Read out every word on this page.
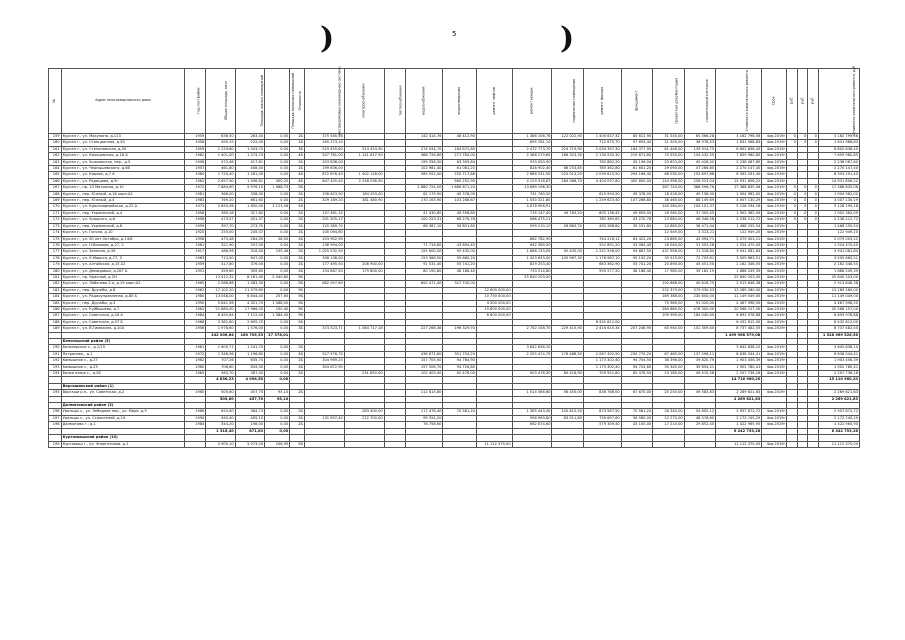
)	5	)
№	Адрес многоквартирного дома	Год постройки	Общая площадь, кв.м	Площадь жилых помещений	Площадь нежилых помещений	Этажность	внутридомовые инженерные системы	электроснабжения	теплоснабжения	водоснабжения	водоотведения	ремонт лифтов	ремонт крыши	подвальные помещения	ремонт фасада	фундамент	проектная документация	строительный контроль	Стоимость капитального ремонта	Срок	руб	руб	руб	Стоимость капитального ремонта, руб
159	Курган г., ул. Макунина, д.113	1959	636,50	263,40	0,00	2Б	375 585,46			142 414,76	48 412,90		1 386 106,76	122 022,90	1 400 637,32	85 612,90	31 545,00	65 366,28	3 162 798,56	4кв.2019г	0	0	0	3 162 799,56
160	Курган г., ул. Станционная, д.50	1958	490,15	222,00	0,00	2Б	165 273,10						895 761,10		712 675,70	57 693,40	21 505,00	38 978,53	1 631 968,83	4кв.2019г	0	0	0	1 631 968,83
161	Курган г., ул. Степановская, д.34	1959	1 229,60	1 043,70	0,00	3Б	529 455,60	514 453,90		274 044,70	184 872,80		2 472 773,70	224 719,90	2 034 397,30	164 377,90	61 446,00	139 914,75	6 602 636,45	4кв.2019г				6 602 636,45
162	Курган г., ул. Кольцевская, д.18 А	1962	1 401,00	1 274,70	0,00	4Б	547 761,00	1 141 617,90		466 726,80	271 784,00		2 368 279,60	186 323,30	2 130 935,30	219 871,80	70 550,00	154 432,55	7 659 980,85	4кв.2019г				7 659 980,85
163	Курган г., ул. Ушаковская, пер., д.5	1956	472,46	417,81	0,00	2Б	203 638,00			199 358,30	63 305,84		933 050,90		782 882,20	45 196,04	23 623,00	45 426,00	2 238 087,60	4кв.2019г				2 238 087,60
164	Курган г., ул. Чернышевского, д.66	1957	461,80	408,40	0,00	2Б	199 636,00			102 981,40	61 081,20		828 902,40	86 253,85	785 362,80	61 641,20	29 090,00	47 266,80	2 270 147,40	4кв.2019г				2 270 147,40
165	Курган г., ул. Кирова, д.7 А	1960	1 720,40	1 281,39	0,00	4Б	672 676,40	1 402 128,00		569 052,40	220 717,68		2 868 531,50	225 013,20	2 039 610,50	294 166,40	68 030,00	152 697,88	8 393 291,40	4кв.2019г				8 393 291,40
166	Курган г., ул. Радищева, д.5г	1962	2 657,90	1 498,81	300,20	4Б	847 405,40	2 258 036,90			565 252,90		4 129 316,67	284 068,70	4 404 097,80	400 800,00	144 996,00	256 523,04	14 931 806,22	4кв.2019г				14 931 806,22
167	Курган г., пр. 10 Матросов, д.10	1972	7 884,60	5 976,10	1 988,70	5Б				2 880 724,50	1 686 671,20		13 669 196,30				267 743,00	368 596,76	17 368 835,06	4кв.2019г	0	0	0	17 368 835,06
168	Курган г., пер. Южный, д.16 корп.А2	1981	368,00	338,00	0,00	2Б	158 623,50	184 293,00		62 175,90	40 378,00		741 760,50		610 994,50	49 378,00	18 426,00	49 158,00	1 904 982,00	4кв.2019г	0	0	0	1 904 982,00
169	Курган г., пер. Южный, д.4	1983	769,20	661,60	0,00	2Б	329 169,20	381 480,90		170 163,90	103 288,67		1 530 321,80		1 259 623,40	107 286,80	38 460,00	88 149,69	4 007 130,29	4кв.2019г	0	0	0	4 007 130,29
170	Курган г., ул. Красноармейская, д.22 А	1973	2 855,56	1 850,00	1 123,56	5Б							4 878 908,91				145 284,00	104 101,37	5 128 294,18	4кв.2019г	0	0	0	5 128 294,18
171	Курган г., пер. Украинский, д.4	1958	360,28	317,80	0,00	2Б	157 481,32			41 430,60	49 598,80		735 147,40	49 783,20	605 136,45	49 659,00	18 960,00	37 300,45	1 902 362,09	4кв.2019г	0	0	0	1 902 362,09
172	Курган г., ул. Урицкого, д.6	1958	473,57	451,37	0,00	2Б	201 505,27			100 253,31	66 276,78		986 475,21		782 365,65	43 270,76	23 664,00	46 346,58	2 236 212,72	4кв.2019г	0	0	0	2 236 212,72
173	Курган г., пер. Украинский, д.8	1959	397,70	273,70	0,00	2Б	125 389,70			66 387,10	39 851,80		599 210,10	56 663,70	495 288,60	39 531,80	14 885,00	36 471,44	1 468 255,54	4кв.2019г				1 468 255,54
174	Курган г., ул. Гоголя, д.10	1920	255,00	245,37	0,00	2Б	100 094,60										12 549,00	3 313,21	122 949,20	4кв.2019г				122 949,20
175	Курган г., ул. 50 лет Октября, д.14/6	1958	473,48	264,00	28,50	2Б	203 902,90						862 782,90		744 216,12	63 422,20	23 665,00	42 994,71	2 079 003,21	4кв.2019г				2 079 003,21
176	Курган г., ул. Н.Волкова, д.27, 2	1961	321,90	297,00	0,00	2Б	138 994,00			71 716,80	43 894,40		642 380,50		552 891,20	43 084,40	16 040,00	31 503,26	1 524 470,45	4кв.2019г				1 524 470,45
177	Курган г., ул. Зеленая, д.39	1917	486,56	316,40	155,46	2Б	1 025 532,50			155 600,00	92 435,00		1 668 133,00	92 435,00	1 251 556,00	94 687,50	437 956,00	71 316,84	3 941 081,84	4кв.2019г				3 941 081,84
178	Курган г., ул. К.Маркса, д.77, 3	1963	713,50	647,00	0,00	2Б	306 138,50			153 366,50	95 660,20		1 423 633,00	105 967,30	1 176 987,10	95 152,20	35 515,00	72 703,61	3 505 663,51	4кв.2019г				3 505 663,51
179	Курган г., ул. Алтайская, д.15 А2	1959	417,80	376,00	0,00	2Б	177 495,50	208 900,00		91 531,40	55 741,20		829 253,40		683 362,90	55 741,20	20 890,00	45 451,50	2 162 346,55	4кв.2019г				2 162 346,55
180	Курган г., ул. Демидовых, д.267 А	1951	359,60	359,60	0,00	2Б	154 867,50	179 800,00		80 190,80	48 186,40		733 514,80		595 577,20	48 186,40	17 980,00	39 182,19	1 888 249,39	4кв.2019г				1 888 249,39
181	Курган г., пр. Красный, д.2Н		12 412,32	8 161,40	2 440,80	9Б							25 840 203,00						25 840 203,00	4кв.2019г				25 840 203,00
182	Курган г., ул. Лобачева 2-я, д.19 корп.А2	1965	2 068,86	1 483,30	0,00	5Б	682 957,60			600 471,40	327 740,00						192 666,00	40 616,75	2 913 648,38	4кв.2019г				2 913 648,38
183	Курган г., пер. Дружбы, д.8	1962	17 102,20	11 579,60	0,00	9Б						12 600 000,00					222 379,00	379 030,53	13 289 280,00	4кв.2019г				13 289 280,00
184	Курган г., ул. Радиоуправленая, д.80 Б	1980	13 048,00	6 644,40	257,60	9Б						10 750 000,00					189 368,00	230 600,00	11 149 049,00	4кв.2019г				11 149 049,00
185	Курган г., пер. Дружбы, д.3	1990	5 841,56	4 321,70	1 068,00	9Б						4 300 000,00					75 989,00	91 020,00	4 467 998,50	4кв.2019г				4 467 998,50
186	Курган г., ул. Куйбышева, д.7	1962	21 880,00	17 966,00	100,40	9Б						19 800 000,00					284 660,00	478 300,00	20 568 157,00	4кв.2019г				20 568 157,00
187	Курган г., ул. Советская, д.16 А	1984	8 455,64	7 112,40	1 384,40	9Б						6 600 000,00					109 990,00	184 040,00	6 893 978,88	4кв.2019г				6 893 978,88
188	Курган г., ул. Советская, д.57 Б	1968	3 382,60	2 695,70	0,00	5Б									6 432 812,00				6 432 812,00	4кв.2019г				6 432 812,00
189	Курган г., ул. В.Тимохина, д.10А	1956	1 978,60	1 576,00	0,00	3Б	373 523,71	1 084 717,18		227 266,36	196 329,93		2 752 158,70	229 415,90	2 418 615,34	257 246,95	63 940,00	101 309,40	8 737 482,55	4кв.2019г				8 737 482,55
			242 006,64	160 705,53	27 378,01														1 499 968 579,08					1 528 969 526,56
	Белозерский район (5)																							
190	Белозерское с., д.1/19	1961	1 609,71	1 241,70	0,00	2Б							3 642 638,10						3 642 638,10	4кв.2019г				3 642 638,10
191	Петропавл., д.1	1972	1 348,96	1 196,80	0,00	4Б	527 576,70			436 871,60	351 754,20		2 255 474,70	178 488,50	2 067 492,50	230 770,20	67 465,00	137 596,11	6 638 044,41	4кв.2019г				6 638 044,41
192	Камышное с., д.27	1962	707,26	635,70	0,00	2Б	304 969,20			157 705,50	94 784,90				1 173 302,40	94 704,50	36 396,00	39 820,79	1 903 456,39	4кв.2019г				1 903 456,39
193	Камышное с., д.23	1960	706,60	634,90	0,00	2Б	304 672,90			157 506,70	94 726,80				1 173 302,40	94 724,60	35 345,00	39 654,21	1 902 780,41	4кв.2019г				1 902 780,41
194	Белое озеро с., д.28	1985	463,70	387,40	0,00	2Б		231 850,00		102 403,40	62 476,00		903 478,30	80 418,90	709 551,60	62 476,50	23 185,00	49 410,56	2 207 736,16	4кв.2019г				2 207 736,16
			4 836,23	4 096,50	0,00														14 716 960,20					15 110 960,20
	Варгашинский район (1)																							
195	Варгаши р.п., ул. Советская, д.2	1960	505,60	457,70	95,10	2Б				112 615,80			1 014 566,60	56 455,00	836 766,00	67 670,00	25 250,00	49 583,83	2 269 621,63	4кв.2019г				2 269 621,63
			505,60	457,70	95,10														2 269 621,63					2 269 621,63
	Далматовский район (3)																							
196	Уральцы с., ул. Лебедева пер., ул. Мира, д.5	1986	625,60	384,73	0,00	2Б		283 400,00		117 478,40	70 581,20		1 365 443,40	100 810,50	873 567,50	70 581,20	26 340,00	54 600,12	2 957 672,72	4кв.2019г				2 957 672,72
197	Уральцы с., ул. Строителей, д.19	1990	445,40	405,10	0,00	2Б	131 957,40	222 700,00		99 324,20			958 963,80	83 011,80	739 697,60	56 580,00	22 270,00	48 076,80	2 172 745,29	4кв.2019г				2 172 745,29
198	Далматово г., д.1	1984	344,20	198,00	0,00	2Б				76 758,60			662 874,60		579 359,40	43 100,00	17 210,00	29 852,40	1 422 965,90	4кв.2019г				1 422 965,90
			1 316,40	871,83	0,00														6 242 753,28					6 342 753,28
	Куртамышский район (10)																							
199	Куртамыш г., ул. Энергетиков, д.1		5 905,10	5 073,20	106,90	5Б						11 112 370,00							11 112 370,00	4кв.2019г				11 112 370,00
